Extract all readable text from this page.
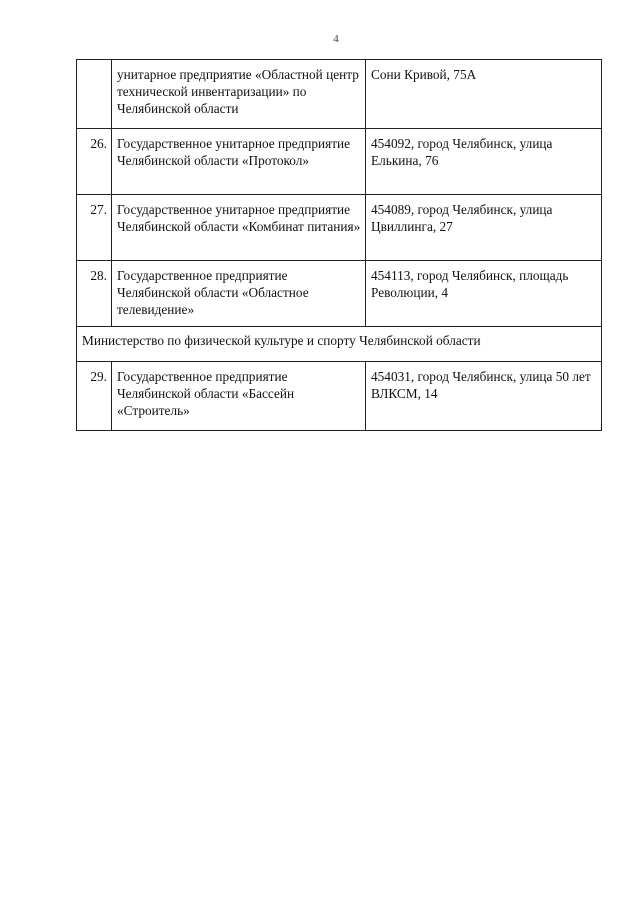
4
	унитарное предприятие «Областной центр технической инвентаризации» по Челябинской области	Сони Кривой, 75А
26.	Государственное унитарное предприятие Челябинской области «Протокол»	454092, город Челябинск, улица Елькина, 76
27.	Государственное унитарное предприятие Челябинской области «Комбинат питания»	454089, город Челябинск, улица Цвиллинга, 27
28.	Государственное предприятие Челябинской области «Областное телевидение»	454113, город Челябинск, площадь Революции, 4
Министерство по физической культуре и спорту Челябинской области		
29.	Государственное предприятие Челябинской области «Бассейн «Строитель»	454031, город Челябинск, улица 50 лет ВЛКСМ, 14
